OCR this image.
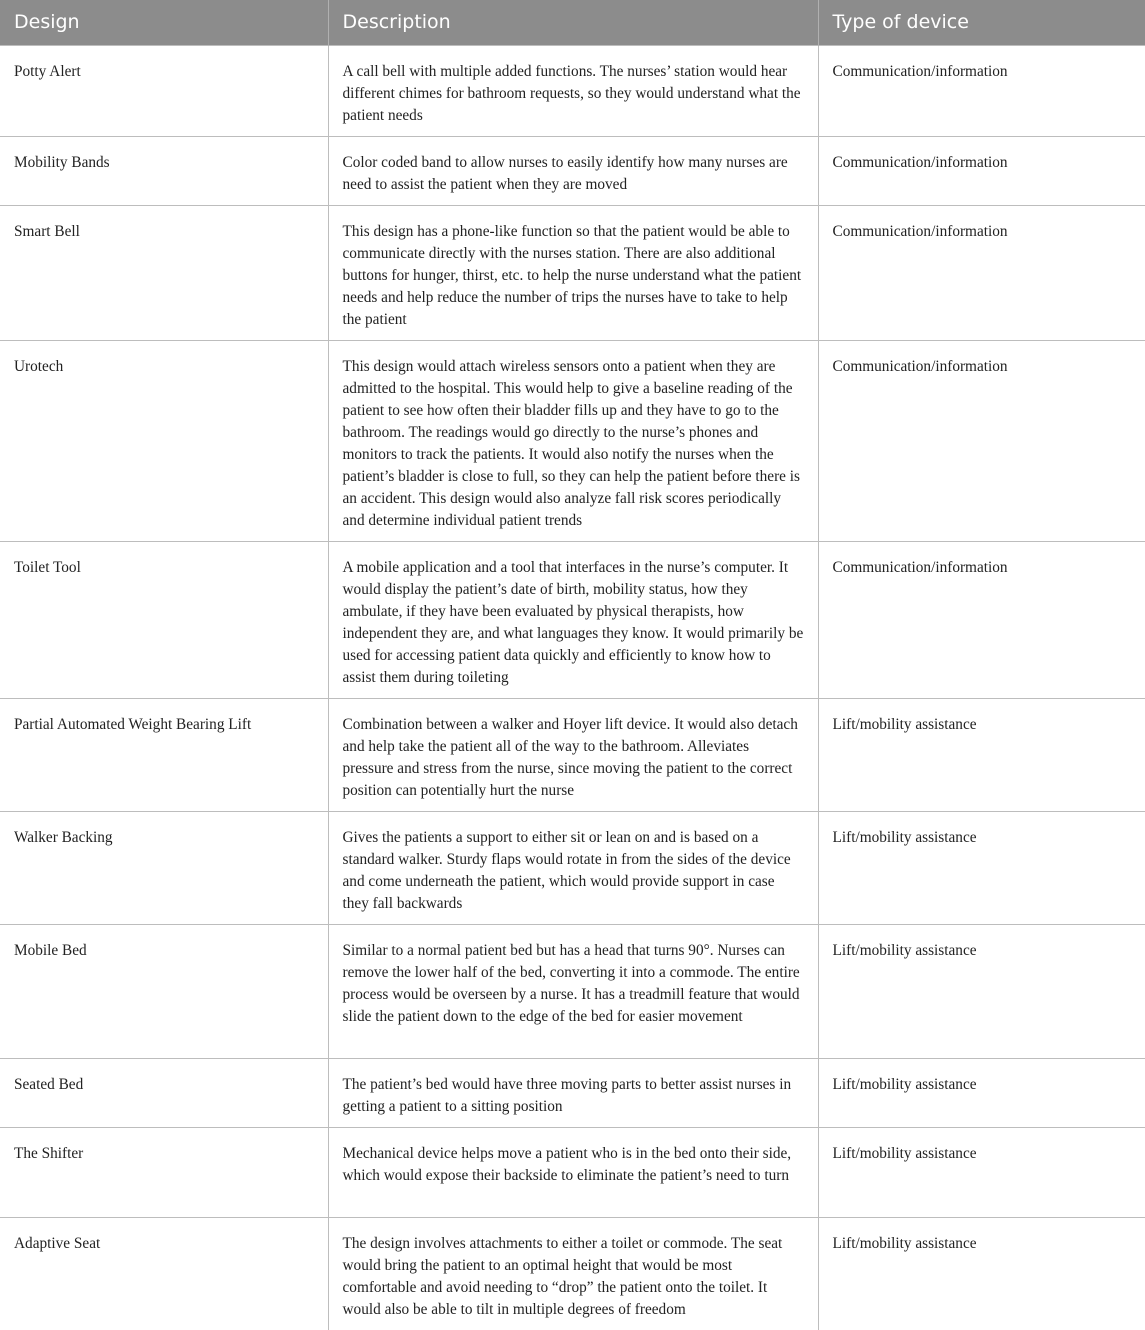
Design	Description	Type of device
Potty Alert	A call bell with multiple added functions. The nurses’ station would hear different chimes for bathroom requests, so they would understand what the patient needs	Communication/information
Mobility Bands	Color coded band to allow nurses to easily identify how many nurses are need to assist the patient when they are moved	Communication/information
Smart Bell	This design has a phone-like function so that the patient would be able to communicate directly with the nurses station. There are also additional buttons for hunger, thirst, etc. to help the nurse understand what the patient needs and help reduce the number of trips the nurses have to take to help the patient	Communication/information
Urotech	This design would attach wireless sensors onto a patient when they are admitted to the hospital. This would help to give a baseline reading of the patient to see how often their bladder fills up and they have to go to the bathroom. The readings would go directly to the nurse’s phones and monitors to track the patients. It would also notify the nurses when the patient’s bladder is close to full, so they can help the patient before there is an accident. This design would also analyze fall risk scores periodically and determine individual patient trends	Communication/information
Toilet Tool	A mobile application and a tool that interfaces in the nurse’s computer. It would display the patient’s date of birth, mobility status, how they ambulate, if they have been evaluated by physical therapists, how independent they are, and what languages they know. It would primarily be used for accessing patient data quickly and efficiently to know how to assist them during toileting	Communication/information
Partial Automated Weight Bearing Lift	Combination between a walker and Hoyer lift device. It would also detach and help take the patient all of the way to the bathroom. Alleviates pressure and stress from the nurse, since moving the patient to the correct position can potentially hurt the nurse	Lift/mobility assistance
Walker Backing	Gives the patients a support to either sit or lean on and is based on a standard walker. Sturdy flaps would rotate in from the sides of the device and come underneath the patient, which would provide support in case they fall backwards	Lift/mobility assistance
Mobile Bed	Similar to a normal patient bed but has a head that turns 90°. Nurses can remove the lower half of the bed, converting it into a commode. The entire process would be overseen by a nurse. It has a treadmill feature that would slide the patient down to the edge of the bed for easier movement	Lift/mobility assistance
Seated Bed	The patient’s bed would have three moving parts to better assist nurses in getting a patient to a sitting position	Lift/mobility assistance
The Shifter	Mechanical device helps move a patient who is in the bed onto their side, which would expose their backside to eliminate the patient’s need to turn	Lift/mobility assistance
Adaptive Seat	The design involves attachments to either a toilet or commode. The seat would bring the patient to an optimal height that would be most comfortable and avoid needing to “drop” the patient onto the toilet. It would also be able to tilt in multiple degrees of freedom	Lift/mobility assistance
